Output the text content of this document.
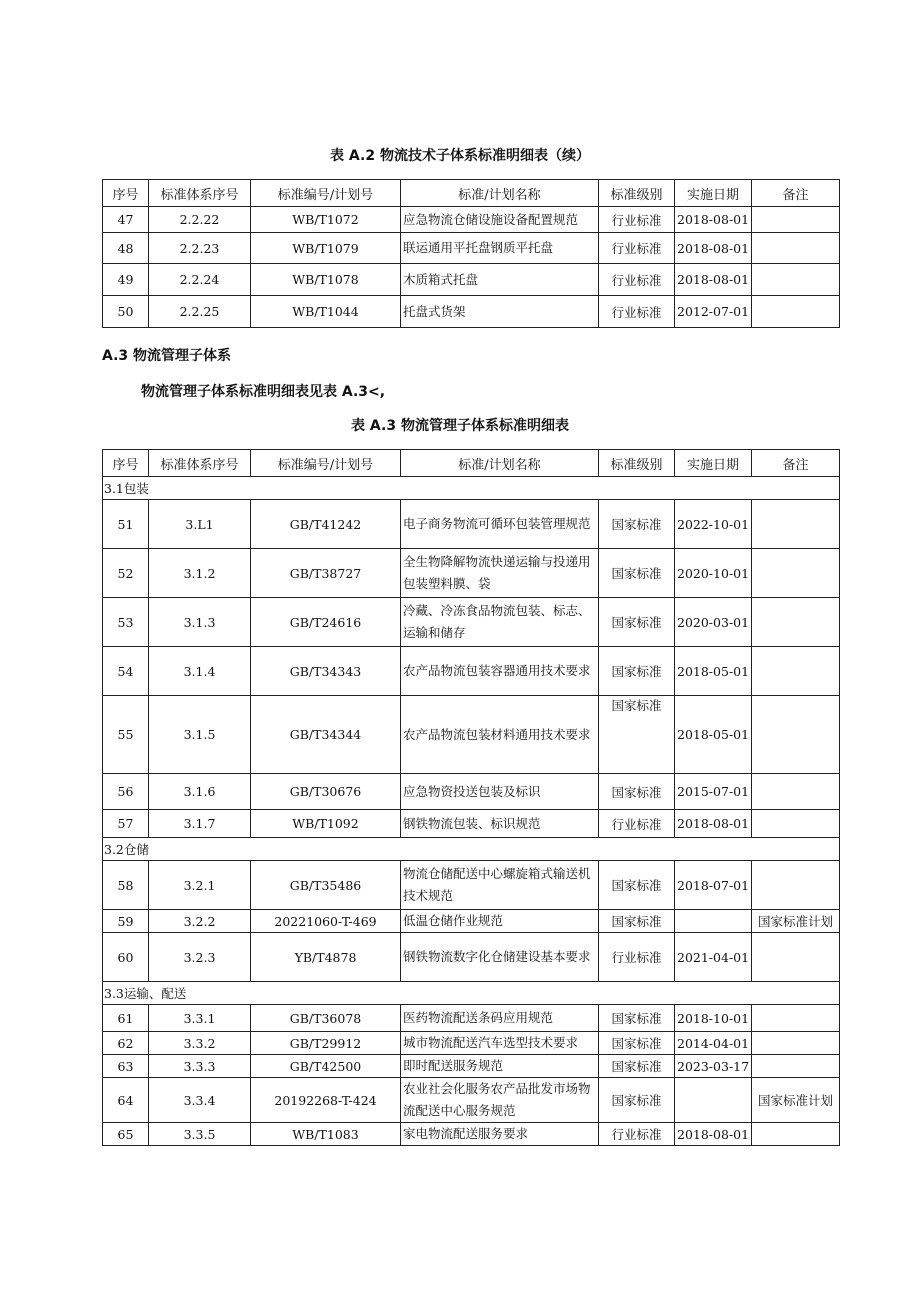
表 A.2 物流技术子体系标准明细表（续）
序号	标准体系序号	标准编号/计划号	标准/计划名称	标准级别	实施日期	备注
47	2.2.22	WB/T1072	应急物流仓储设施设备配置规范	行业标准	2018-08-01	
48	2.2.23	WB/T1079	联运通用平托盘钢质平托盘	行业标准	2018-08-01	
49	2.2.24	WB/T1078	木质箱式托盘	行业标准	2018-08-01	
50	2.2.25	WB/T1044	托盘式货架	行业标准	2012-07-01	
A.3 物流管理子体系
物流管理子体系标准明细表见表 A.3<,
表 A.3 物流管理子体系标准明细表
序号	标准体系序号	标准编号/计划号	标准/计划名称	标准级别	实施日期	备注
3.1包装						
51	3.L1	GB/T41242	电子商务物流可循环包装管理规范	国家标准	2022-10-01	
52	3.1.2	GB/T38727	全生物降解物流快递运输与投递用包装塑料膜、袋	国家标准	2020-10-01	
53	3.1.3	GB/T24616	冷藏、冷冻食品物流包装、标志、运输和储存	国家标准	2020-03-01	
54	3.1.4	GB/T34343	农产品物流包装容器通用技术要求	国家标准	2018-05-01	
55	3.1.5	GB/T34344	农产品物流包装材料通用技术要求	国家标准	2018-05-01	
56	3.1.6	GB/T30676	应急物资投送包装及标识	国家标准	2015-07-01	
57	3.1.7	WB/T1092	钢铁物流包装、标识规范	行业标准	2018-08-01	
3.2仓储						
58	3.2.1	GB/T35486	物流仓储配送中心螺旋箱式输送机技术规范	国家标准	2018-07-01	
59	3.2.2	20221060-T-469	低温仓储作业规范	国家标准		国家标准计划
60	3.2.3	YB/T4878	钢铁物流数字化仓储建设基本要求	行业标准	2021-04-01	
3.3运输、配送						
61	3.3.1	GB/T36078	医药物流配送条码应用规范	国家标准	2018-10-01	
62	3.3.2	GB/T29912	城市物流配送汽车选型技术要求	国家标准	2014-04-01	
63	3.3.3	GB/T42500	即时配送服务规范	国家标准	2023-03-17	
64	3.3.4	20192268-T-424	农业社会化服务农产品批发市场物流配送中心服务规范	国家标准		国家标准计划
65	3.3.5	WB/T1083	家电物流配送服务要求	行业标准	2018-08-01	
